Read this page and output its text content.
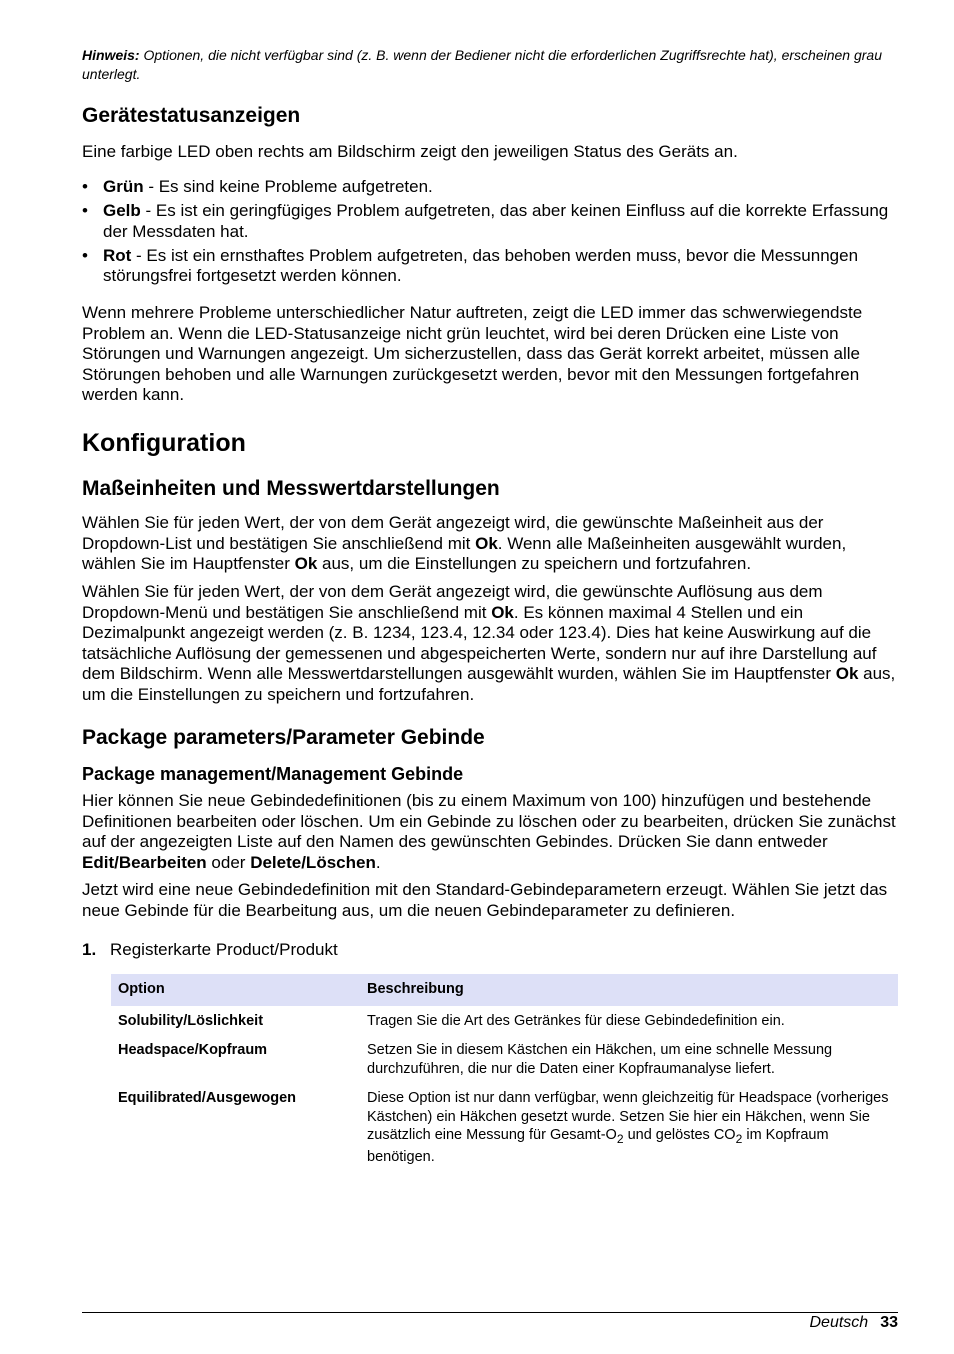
Hinweis: Optionen, die nicht verfügbar sind (z. B. wenn der Bediener nicht die erforderlichen Zugriffsrechte hat), erscheinen grau unterlegt.
Gerätestatusanzeigen

Eine farbige LED oben rechts am Bildschirm zeigt den jeweiligen Status des Geräts an.

• Grün - Es sind keine Probleme aufgetreten.
• Gelb - Es ist ein geringfügiges Problem aufgetreten, das aber keinen Einfluss auf die korrekte Erfassung der Messdaten hat.
• Rot - Es ist ein ernsthaftes Problem aufgetreten, das behoben werden muss, bevor die Messunngen störungsfrei fortgesetzt werden können.

Wenn mehrere Probleme unterschiedlicher Natur auftreten, zeigt die LED immer das schwerwiegendste Problem an. Wenn die LED-Statusanzeige nicht grün leuchtet, wird bei deren Drücken eine Liste von Störungen und Warnungen angezeigt. Um sicherzustellen, dass das Gerät korrekt arbeitet, müssen alle Störungen behoben und alle Warnungen zurückgesetzt werden, bevor mit den Messungen fortgefahren werden kann.

Konfiguration
Maßeinheiten und Messwertdarstellungen

Wählen Sie für jeden Wert, der von dem Gerät angezeigt wird, die gewünschte Maßeinheit aus der Dropdown-List und bestätigen Sie anschließend mit Ok. Wenn alle Maßeinheiten ausgewählt wurden, wählen Sie im Hauptfenster Ok aus, um die Einstellungen zu speichern und fortzufahren.

Wählen Sie für jeden Wert, der von dem Gerät angezeigt wird, die gewünschte Auflösung aus dem Dropdown-Menü und bestätigen Sie anschließend mit Ok. Es können maximal 4 Stellen und ein Dezimalpunkt angezeigt werden (z. B. 1234, 123.4, 12.34 oder 123.4). Dies hat keine Auswirkung auf die tatsächliche Auflösung der gemessenen und abgespeicherten Werte, sondern nur auf ihre Darstellung auf dem Bildschirm. Wenn alle Messwertdarstellungen ausgewählt wurden, wählen Sie im Hauptfenster Ok aus, um die Einstellungen zu speichern und fortzufahren.

Package parameters/Parameter Gebinde
Package management/Management Gebinde

Hier können Sie neue Gebindedefinitionen (bis zu einem Maximum von 100) hinzufügen und bestehende Definitionen bearbeiten oder löschen. Um ein Gebinde zu löschen oder zu bearbeiten, drücken Sie zunächst auf der angezeigten Liste auf den Namen des gewünschten Gebindes. Drücken Sie dann entweder Edit/Bearbeiten oder Delete/Löschen.

Jetzt wird eine neue Gebindedefinition mit den Standard-Gebindeparametern erzeugt. Wählen Sie jetzt das neue Gebinde für die Bearbeitung aus, um die neuen Gebindeparameter zu definieren.

1. Registerkarte Product/Produkt
Option	Beschreibung
Solubility/Löslichkeit	Tragen Sie die Art des Getränkes für diese Gebindedefinition ein.
Headspace/Kopfraum	Setzen Sie in diesem Kästchen ein Häkchen, um eine schnelle Messung durchzuführen, die nur die Daten einer Kopfraumanalyse liefert.
Equilibrated/Ausgewogen	Diese Option ist nur dann verfügbar, wenn gleichzeitig für Headspace (vorheriges Kästchen) ein Häkchen gesetzt wurde. Setzen Sie hier ein Häkchen, wenn Sie zusätzlich eine Messung für Gesamt-$O_2$ und gelöstes $CO_2$ im Kopfraum benötigen.
Deutsch 33
